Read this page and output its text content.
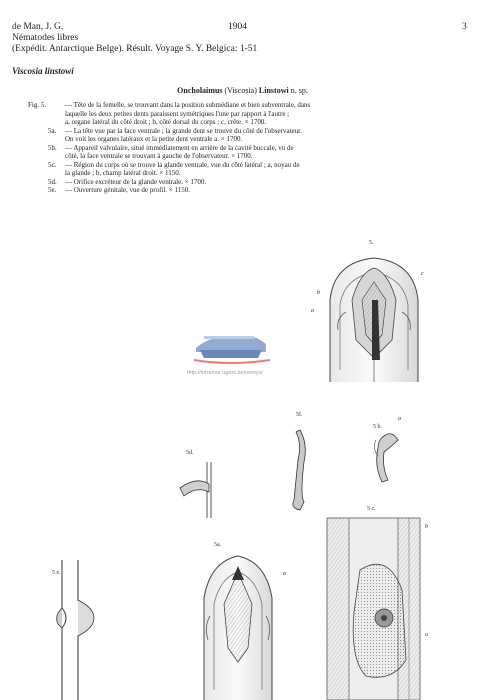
de Man, J. G.	1904	3
Nématodes libres
(Expédit. Antarctique Belge). Résult. Voyage S. Y. Belgica: 1-51
Viscosia linstowi
Oncholaimus (Viscosia) Linstowi n. sp.
Fig. 5.	— Tête de la femelle, se trouvant dans la position submédiane et bien subventrale, dans
laquelle les deux petites dents paraissent symétriques l'une par rapport à l'autre ;
a, organe latéral du côté droit ; b, côté dorsal du corps ; c, crête. × 1700.
5a. — La tête vue par la face ventrale ; la grande dent se trouve du côté de l'observateur.
On voit les organes latéraux et la petite dent ventrale a. × 1700.
5b. — Appareil valvulaire, situé immédiatement en arrière de la cavité buccale, vu de
côté, la face ventrale se trouvant à gauche de l'observateur. × 1700.
5c. — Région du corps où se trouve la glande ventrale, vue du côté latéral ; a, noyau de
la glande ; b, champ latéral droit. × 1150.
5d. — Orifice excréteur de la glande ventrale. × 1700.
5e. — Ouverture génitale, vue de profil. × 1150.
5.
c
b
a
5d.
5f.
5 b.
a
5a.
a
5 c.
b
a
5 e.
http://intramar.ugent.be/nemys/
